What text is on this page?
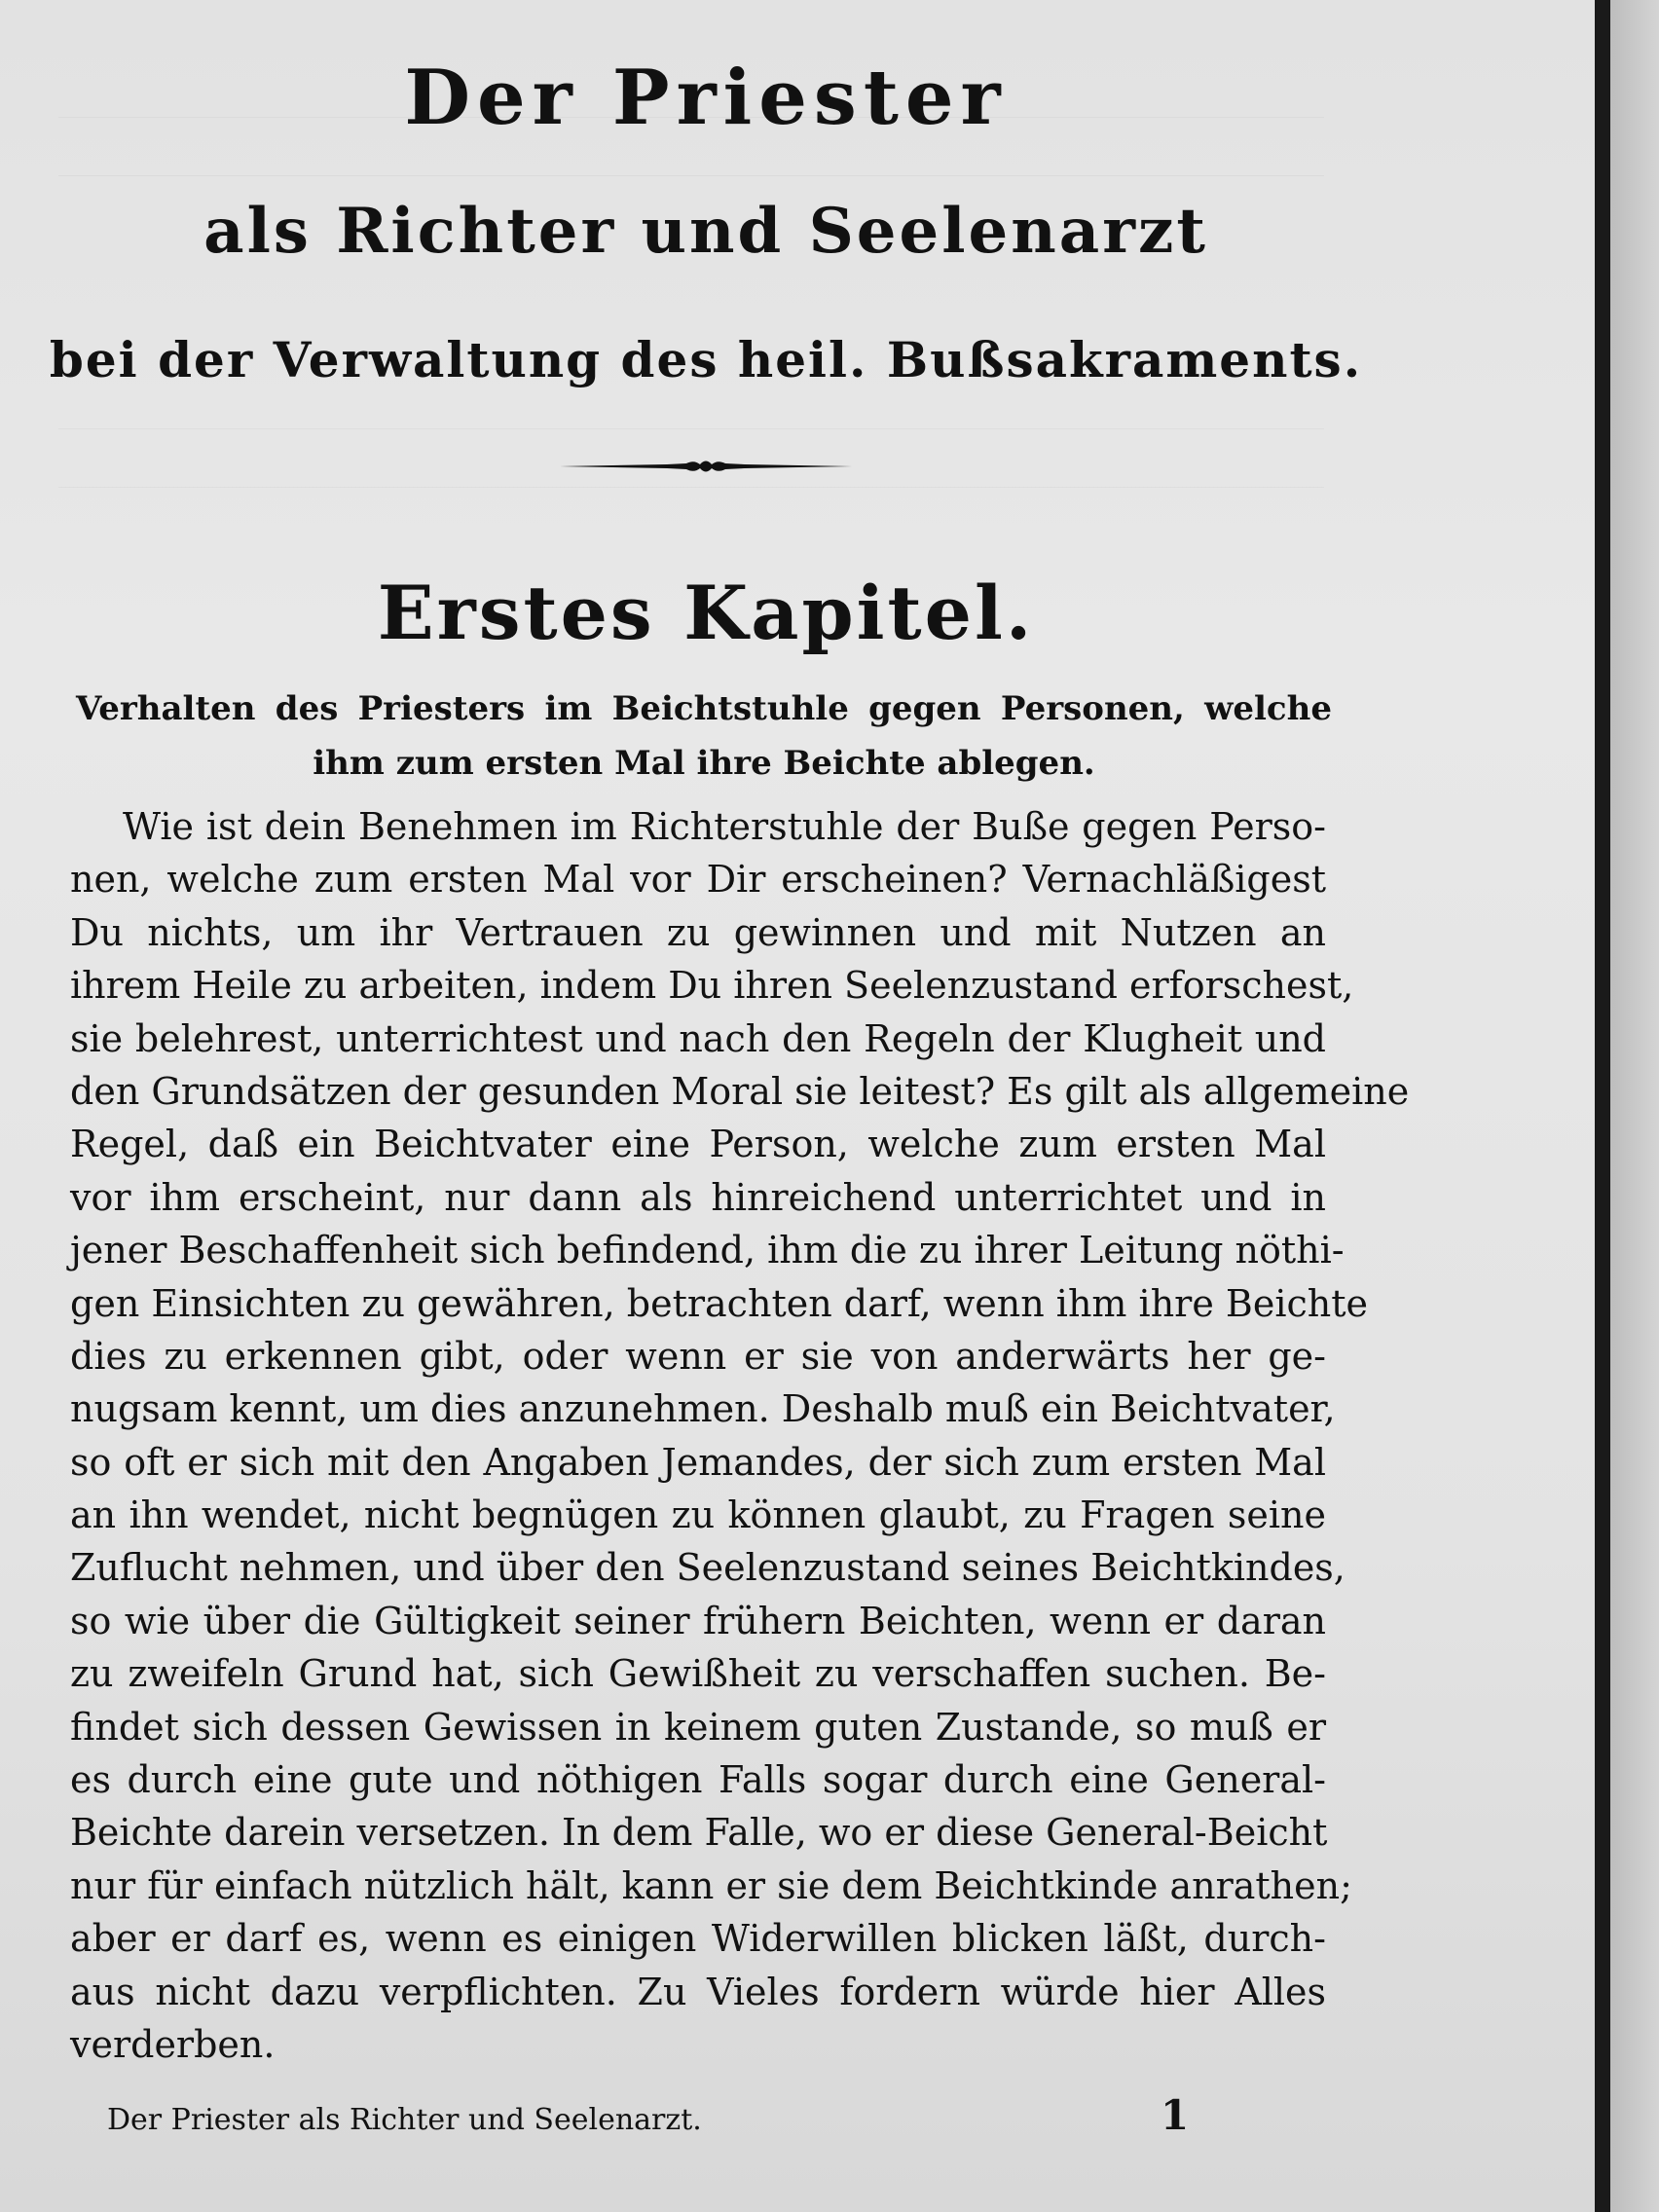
Der Priester
als Richter und Seelenarzt
bei der Verwaltung des heil. Bußsakraments.
Erstes Kapitel.
Verhalten des Priesters im Beichtstuhle gegen Personen, welche
ihm zum ersten Mal ihre Beichte ablegen.
Wie ist dein Benehmen im Richterstuhle der Buße gegen Perso-
nen, welche zum ersten Mal vor Dir erscheinen? Vernachläßigest
Du nichts, um ihr Vertrauen zu gewinnen und mit Nutzen an
ihrem Heile zu arbeiten, indem Du ihren Seelenzustand erforschest,
sie belehrest, unterrichtest und nach den Regeln der Klugheit und
den Grundsätzen der gesunden Moral sie leitest? Es gilt als allgemeine
Regel, daß ein Beichtvater eine Person, welche zum ersten Mal
vor ihm erscheint, nur dann als hinreichend unterrichtet und in
jener Beschaffenheit sich befindend, ihm die zu ihrer Leitung nöthi-
gen Einsichten zu gewähren, betrachten darf, wenn ihm ihre Beichte
dies zu erkennen gibt, oder wenn er sie von anderwärts her ge-
nugsam kennt, um dies anzunehmen. Deshalb muß ein Beichtvater,
so oft er sich mit den Angaben Jemandes, der sich zum ersten Mal
an ihn wendet, nicht begnügen zu können glaubt, zu Fragen seine
Zuflucht nehmen, und über den Seelenzustand seines Beichtkindes,
so wie über die Gültigkeit seiner frühern Beichten, wenn er daran
zu zweifeln Grund hat, sich Gewißheit zu verschaffen suchen. Be-
findet sich dessen Gewissen in keinem guten Zustande, so muß er
es durch eine gute und nöthigen Falls sogar durch eine General-
Beichte darein versetzen. In dem Falle, wo er diese General-Beicht
nur für einfach nützlich hält, kann er sie dem Beichtkinde anrathen;
aber er darf es, wenn es einigen Widerwillen blicken läßt, durch-
aus nicht dazu verpflichten. Zu Vieles fordern würde hier Alles
verderben.
Der Priester als Richter und Seelenarzt.	1
